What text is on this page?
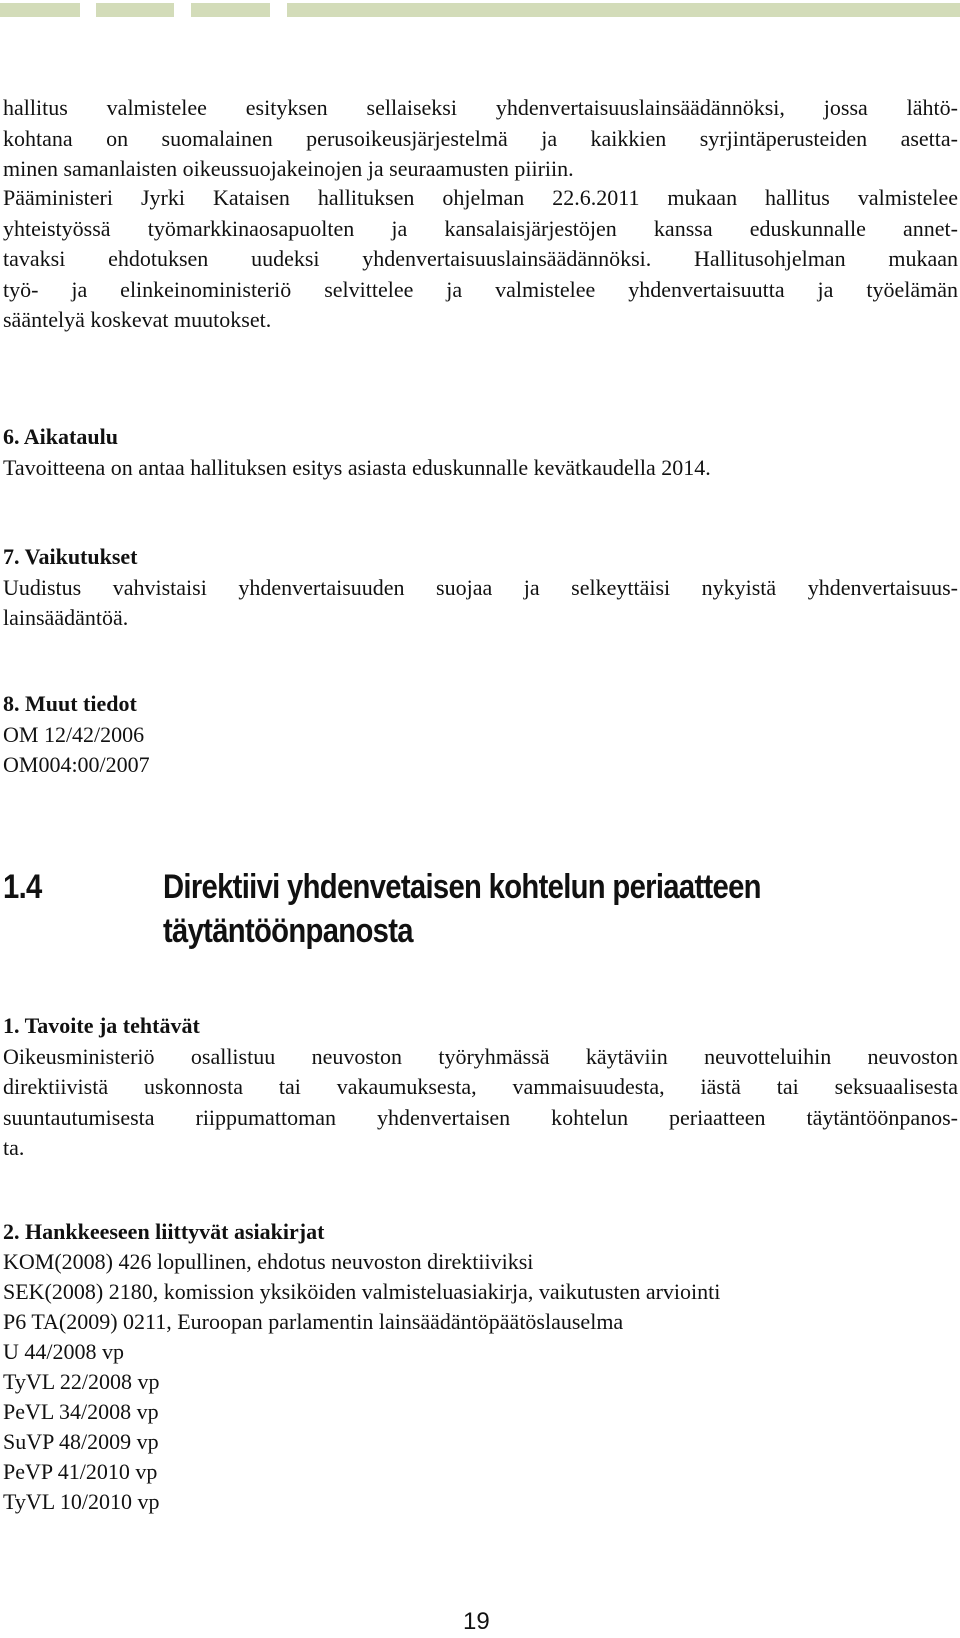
hallitus valmistelee esityksen sellaiseksi yhdenvertaisuuslainsäädännöksi, jossa lähtö-
kohtana on suomalainen perusoikeusjärjestelmä ja kaikkien syrjintäperusteiden asetta-
minen samanlaisten oikeussuojakeinojen ja seuraamusten piiriin.
Pääministeri Jyrki Kataisen hallituksen ohjelman 22.6.2011 mukaan hallitus valmistelee
yhteistyössä työmarkkinaosapuolten ja kansalaisjärjestöjen kanssa eduskunnalle annet-
tavaksi ehdotuksen uudeksi yhdenvertaisuuslainsäädännöksi. Hallitusohjelman mukaan
työ- ja elinkeinoministeriö selvittelee ja valmistelee yhdenvertaisuutta ja työelämän
sääntelyä koskevat muutokset.
6. Aikataulu
Tavoitteena on antaa hallituksen esitys asiasta eduskunnalle kevätkaudella 2014.
7. Vaikutukset
Uudistus vahvistaisi yhdenvertaisuuden suojaa ja selkeyttäisi nykyistä yhdenvertaisuus-
lainsäädäntöä.
8. Muut tiedot
OM 12/42/2006
OM004:00/2007
1.4	Direktiivi yhdenvetaisen kohtelun periaatteen
täytäntöönpanosta
1. Tavoite ja tehtävät
Oikeusministeriö osallistuu neuvoston työryhmässä käytäviin neuvotteluihin neuvoston
direktiivistä uskonnosta tai vakaumuksesta, vammaisuudesta, iästä tai seksuaalisesta
suuntautumisesta riippumattoman yhdenvertaisen kohtelun periaatteen täytäntöönpanos-
ta.
2. Hankkeeseen liittyvät asiakirjat
KOM(2008) 426 lopullinen, ehdotus neuvoston direktiiviksi
SEK(2008) 2180, komission yksiköiden valmisteluasiakirja, vaikutusten arviointi
P6 TA(2009) 0211, Euroopan parlamentin lainsäädäntöpäätöslauselma
U 44/2008 vp
TyVL 22/2008 vp
PeVL 34/2008 vp
SuVP 48/2009 vp
PeVP 41/2010 vp
TyVL 10/2010 vp
19
